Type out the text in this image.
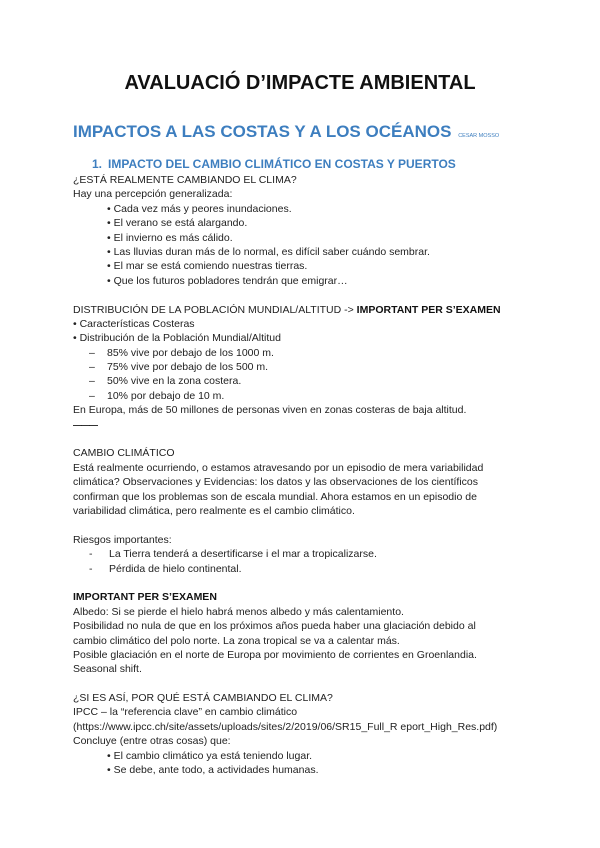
AVALUACIÓ D’IMPACTE AMBIENTAL
IMPACTOS A LAS COSTAS Y A LOS OCÉANOS CESAR MOSSO
1. IMPACTO DEL CAMBIO CLIMÁTICO EN COSTAS Y PUERTOS
¿ESTÁ REALMENTE CAMBIANDO EL CLIMA?
Hay una percepción generalizada:
• Cada vez más y peores inundaciones.
• El verano se está alargando.
• El invierno es más cálido.
• Las lluvias duran más de lo normal, es difícil saber cuándo sembrar.
• El mar se está comiendo nuestras tierras.
• Que los futuros pobladores tendrán que emigrar…
DISTRIBUCIÓN DE LA POBLACIÓN MUNDIAL/ALTITUD -> IMPORTANT PER S’EXAMEN
• Características Costeras
• Distribución de la Población Mundial/Altitud
– 85% vive por debajo de los 1000 m.
– 75% vive por debajo de los 500 m.
– 50% vive en la zona costera.
– 10% por debajo de 10 m.
En Europa, más de 50 millones de personas viven en zonas costeras de baja altitud.
———
CAMBIO CLIMÁTICO
Está realmente ocurriendo, o estamos atravesando por un episodio de mera variabilidad
climática? Observaciones y Evidencias: los datos y las observaciones de los científicos
confirman que los problemas son de escala mundial. Ahora estamos en un episodio de
variabilidad climática, pero realmente es el cambio climático.
Riesgos importantes:
- La Tierra tenderá a desertificarse i el mar a tropicalizarse.
- Pérdida de hielo continental.
IMPORTANT PER S’EXAMEN
Albedo: Si se pierde el hielo habrá menos albedo y más calentamiento.
Posibilidad no nula de que en los próximos años pueda haber una glaciación debido al
cambio climático del polo norte. La zona tropical se va a calentar más.
Posible glaciación en el norte de Europa por movimiento de corrientes en Groenlandia.
Seasonal shift.
¿SI ES ASÍ, POR QUÉ ESTÁ CAMBIANDO EL CLIMA?
IPCC – la “referencia clave” en cambio climático
(https://www.ipcc.ch/site/assets/uploads/sites/2/2019/06/SR15_Full_R eport_High_Res.pdf)
Concluye (entre otras cosas) que:
• El cambio climático ya está teniendo lugar.
• Se debe, ante todo, a actividades humanas.
